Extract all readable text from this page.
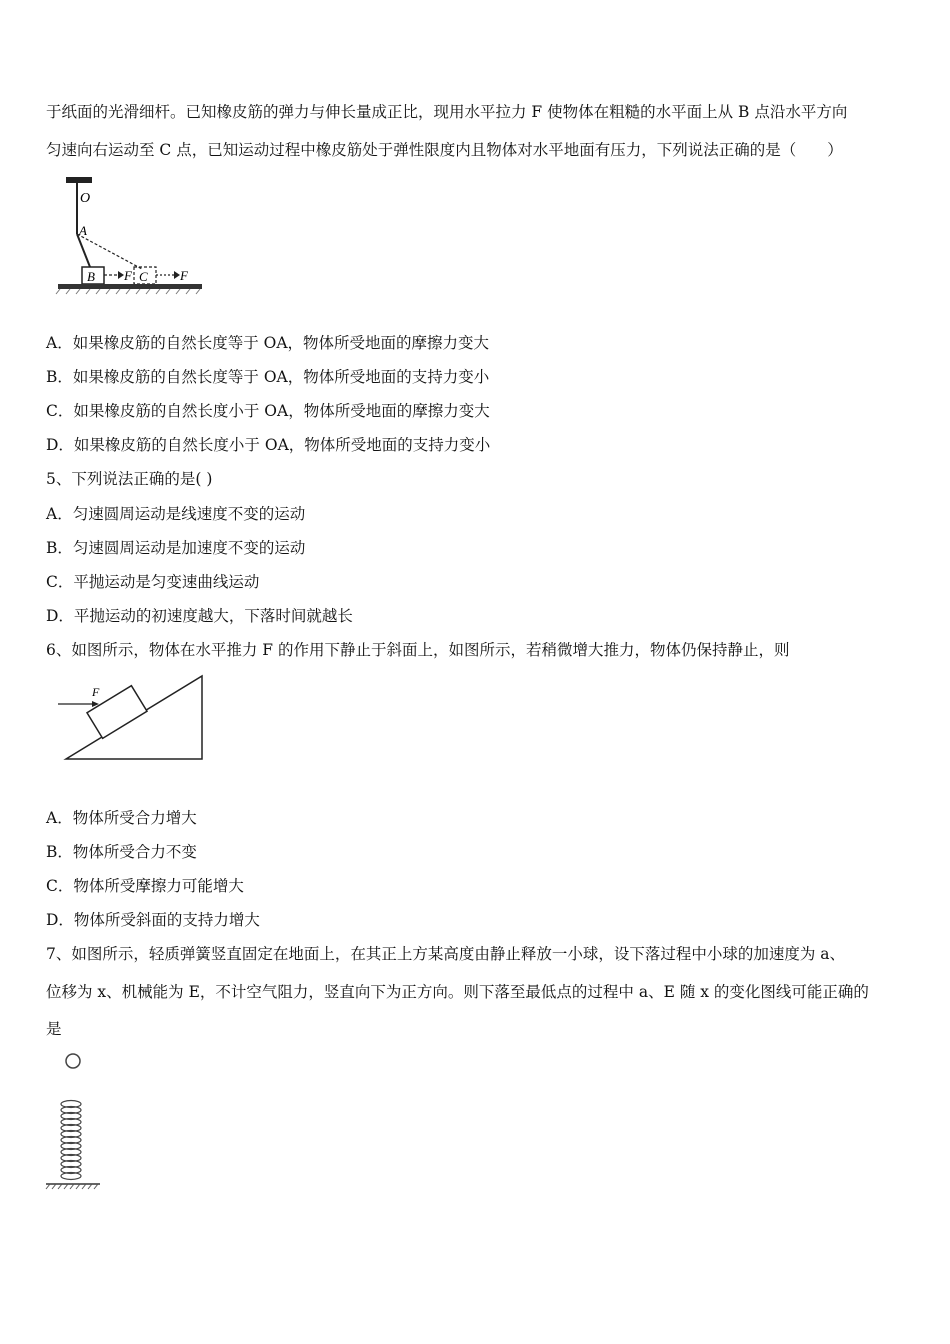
于纸面的光滑细杆。已知橡皮筋的弹力与伸长量成正比，现用水平拉力 F 使物体在粗糙的水平面上从 B 点沿水平方向
匀速向右运动至 C 点，已知运动过程中橡皮筋处于弹性限度内且物体对水平地面有压力，下列说法正确的是（　　）
O
A
B F C F
A．如果橡皮筋的自然长度等于 OA，物体所受地面的摩擦力变大
B．如果橡皮筋的自然长度等于 OA，物体所受地面的支持力变小
C．如果橡皮筋的自然长度小于 OA，物体所受地面的摩擦力变大
D．如果橡皮筋的自然长度小于 OA，物体所受地面的支持力变小
5、下列说法正确的是( )
A．匀速圆周运动是线速度不变的运动
B．匀速圆周运动是加速度不变的运动
C．平抛运动是匀变速曲线运动
D．平抛运动的初速度越大，下落时间就越长
6、如图所示，物体在水平推力 F 的作用下静止于斜面上，如图所示，若稍微增大推力，物体仍保持静止，则
F
A．物体所受合力增大
B．物体所受合力不变
C．物体所受摩擦力可能增大
D．物体所受斜面的支持力增大
7、如图所示，轻质弹簧竖直固定在地面上，在其正上方某高度由静止释放一小球，设下落过程中小球的加速度为 a、
位移为 x、机械能为 E，不计空气阻力，竖直向下为正方向。则下落至最低点的过程中 a、E 随 x 的变化图线可能正确的
是
